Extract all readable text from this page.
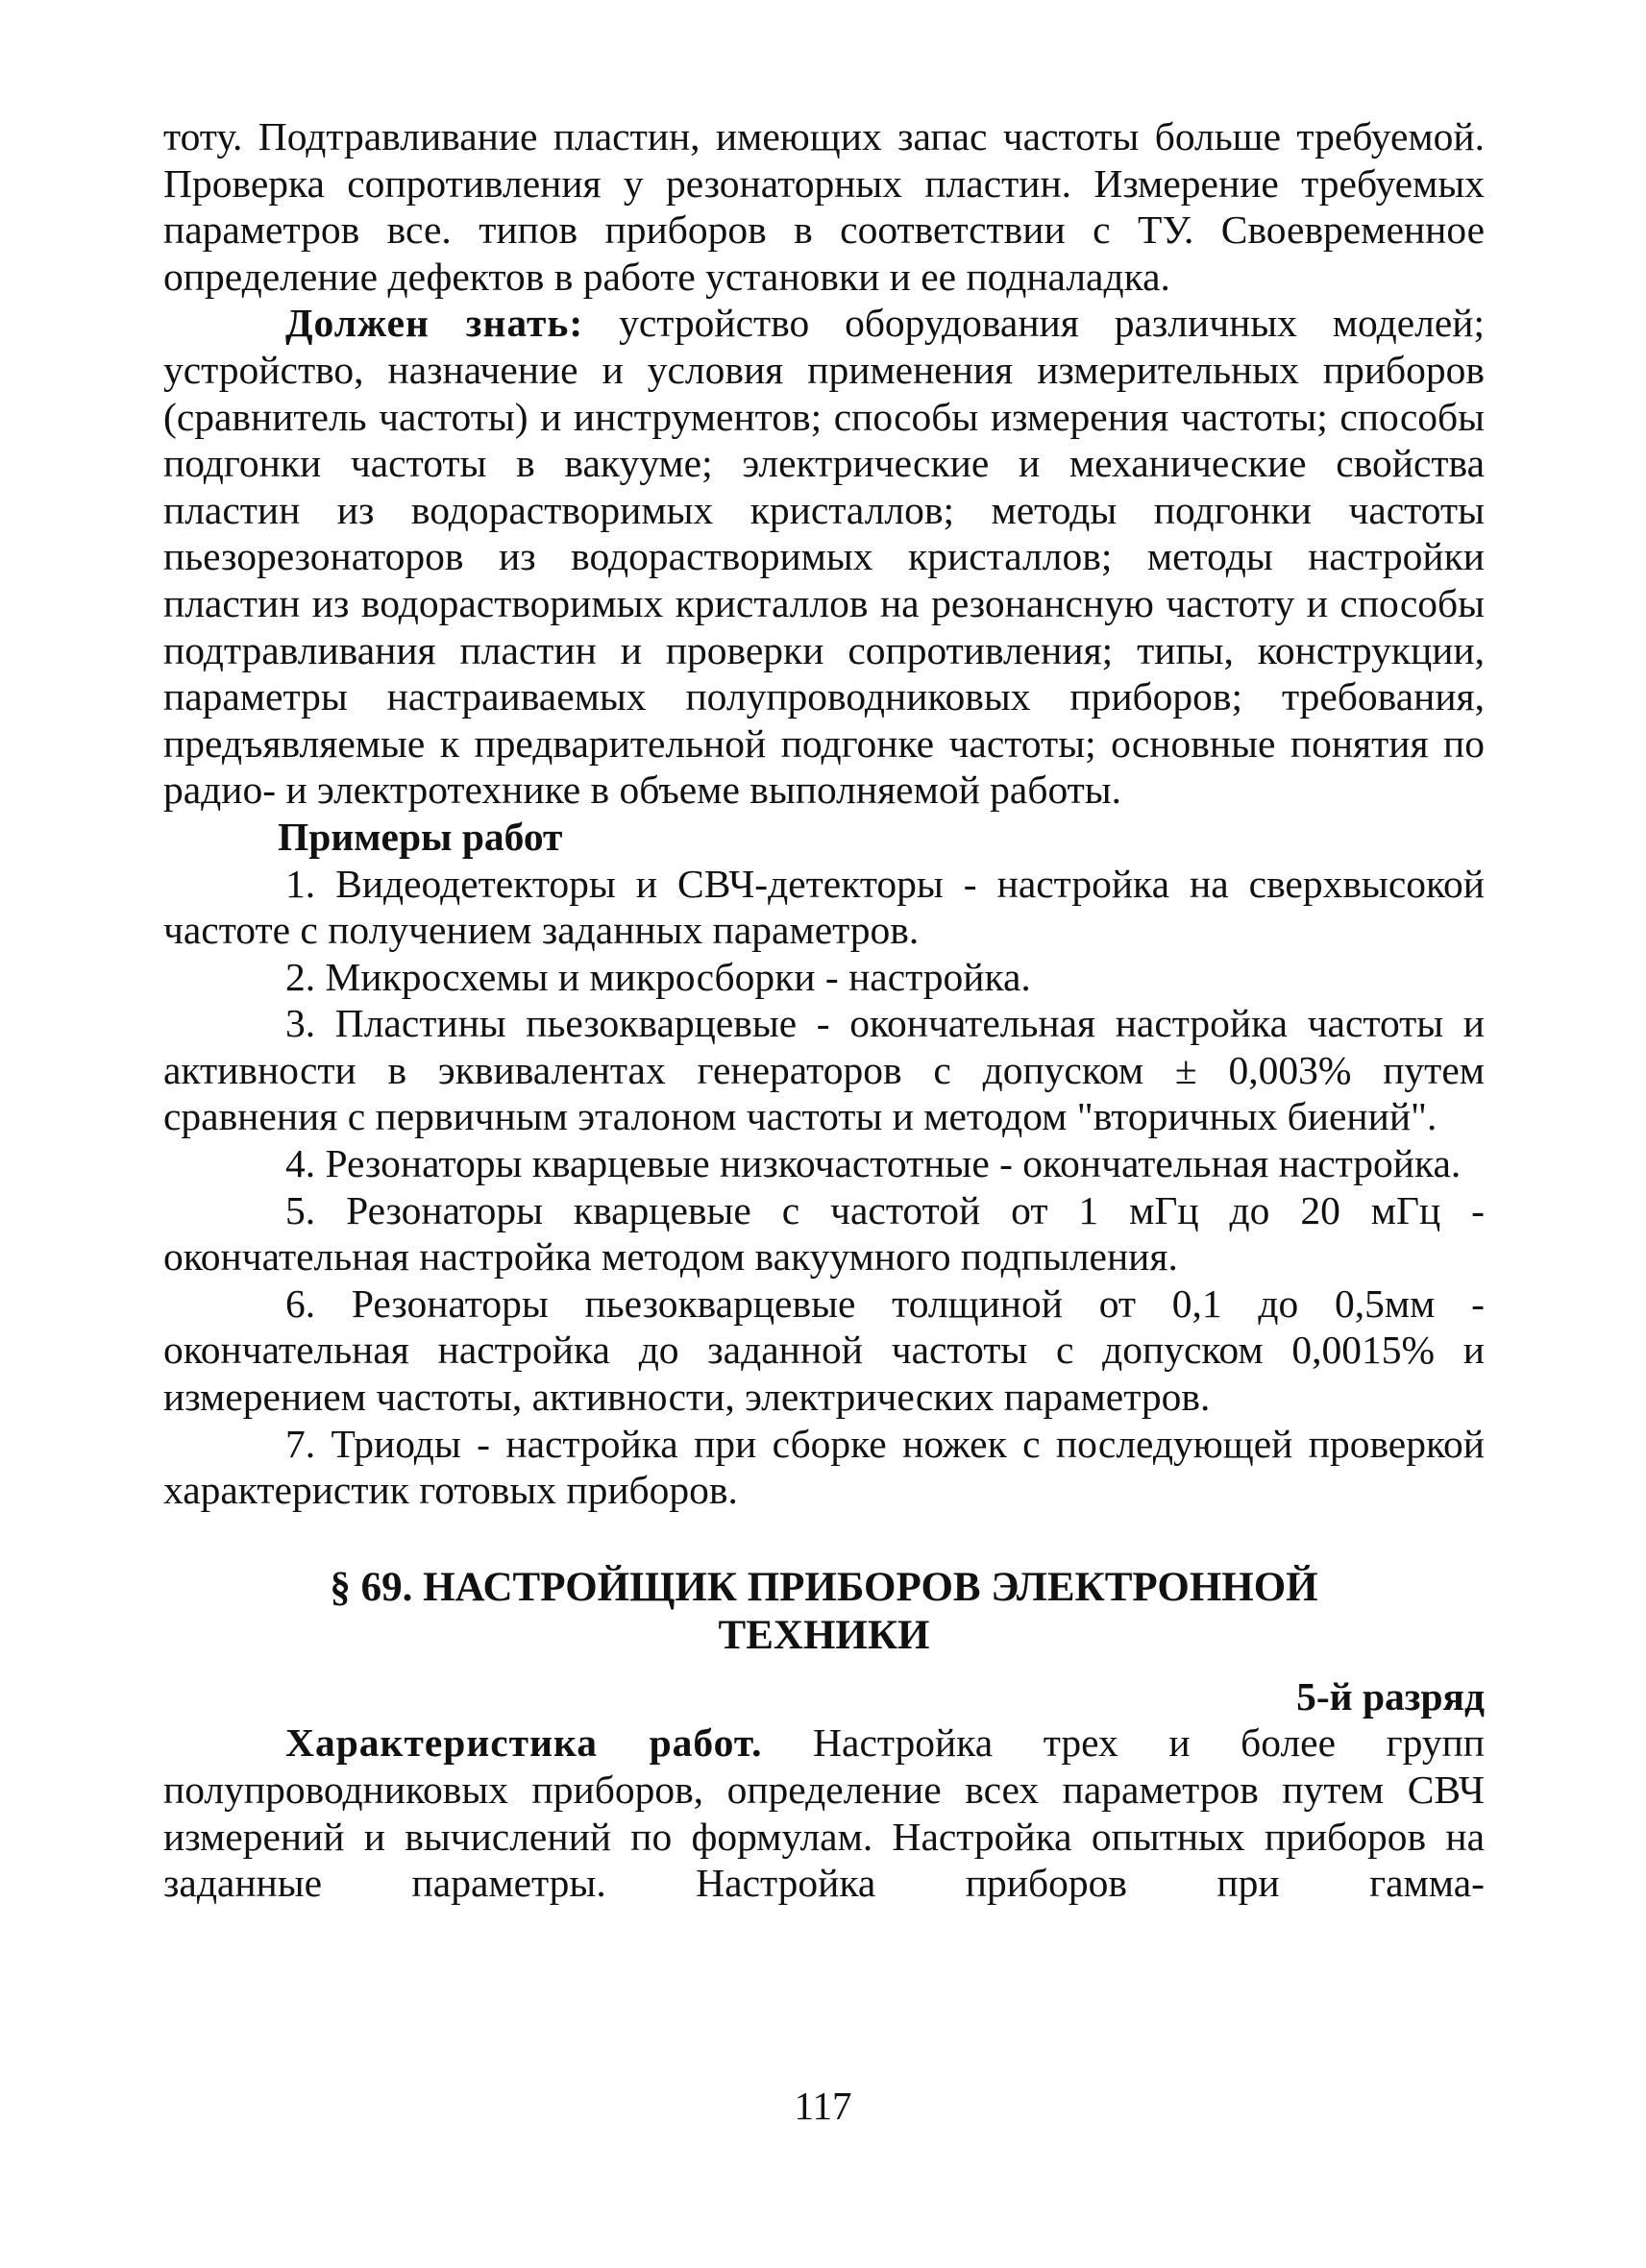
тоту. Подтравливание пластин, имеющих запас частоты больше требуемой. Проверка сопротивления у резонаторных пластин. Измерение требуемых параметров все. типов приборов в соответствии с ТУ. Своевременное определение дефектов в работе установки и ее подналадка.

Должен знать: устройство оборудования различных моделей; устройство, назначение и условия применения измерительных приборов (сравнитель частоты) и инструментов; способы измерения частоты; способы подгонки частоты в вакууме; электрические и механические свойства пластин из водорастворимых кристаллов; методы подгонки частоты пьезорезонаторов из водорастворимых кристаллов; методы настройки пластин из водорастворимых кристаллов на резонансную частоту и способы подтравливания пластин и проверки сопротивления; типы, конструкции, параметры настраиваемых полупроводниковых приборов; требования, предъявляемые к предварительной подгонке частоты; основные понятия по радио- и электротехнике в объеме выполняемой работы.

Примеры работ

1. Видеодетекторы и СВЧ-детекторы - настройка на сверхвысокой частоте с получением заданных параметров.
2. Микросхемы и микросборки - настройка.
3. Пластины пьезокварцевые - окончательная настройка частоты и активности в эквивалентах генераторов с допуском ± 0,003% путем сравнения с первичным эталоном частоты и методом "вторичных биений".
4. Резонаторы кварцевые низкочастотные - окончательная настройка.
5. Резонаторы кварцевые с частотой от 1 мГц до 20 мГц - окончательная настройка методом вакуумного подпыления.
6. Резонаторы пьезокварцевые толщиной от 0,1 до 0,5мм - окончательная настройка до заданной частоты с допуском 0,0015% и измерением частоты, активности, электрических параметров.
7. Триоды - настройка при сборке ножек с последующей проверкой характеристик готовых приборов.
§ 69. НАСТРОЙЩИК ПРИБОРОВ ЭЛЕКТРОННОЙ
ТЕХНИКИ

5-й разряд

Характеристика работ. Настройка трех и более групп полупроводниковых приборов, определение всех параметров путем СВЧ измерений и вычислений по формулам. Настройка опытных приборов на заданные параметры. Настройка приборов при гамма-

117
